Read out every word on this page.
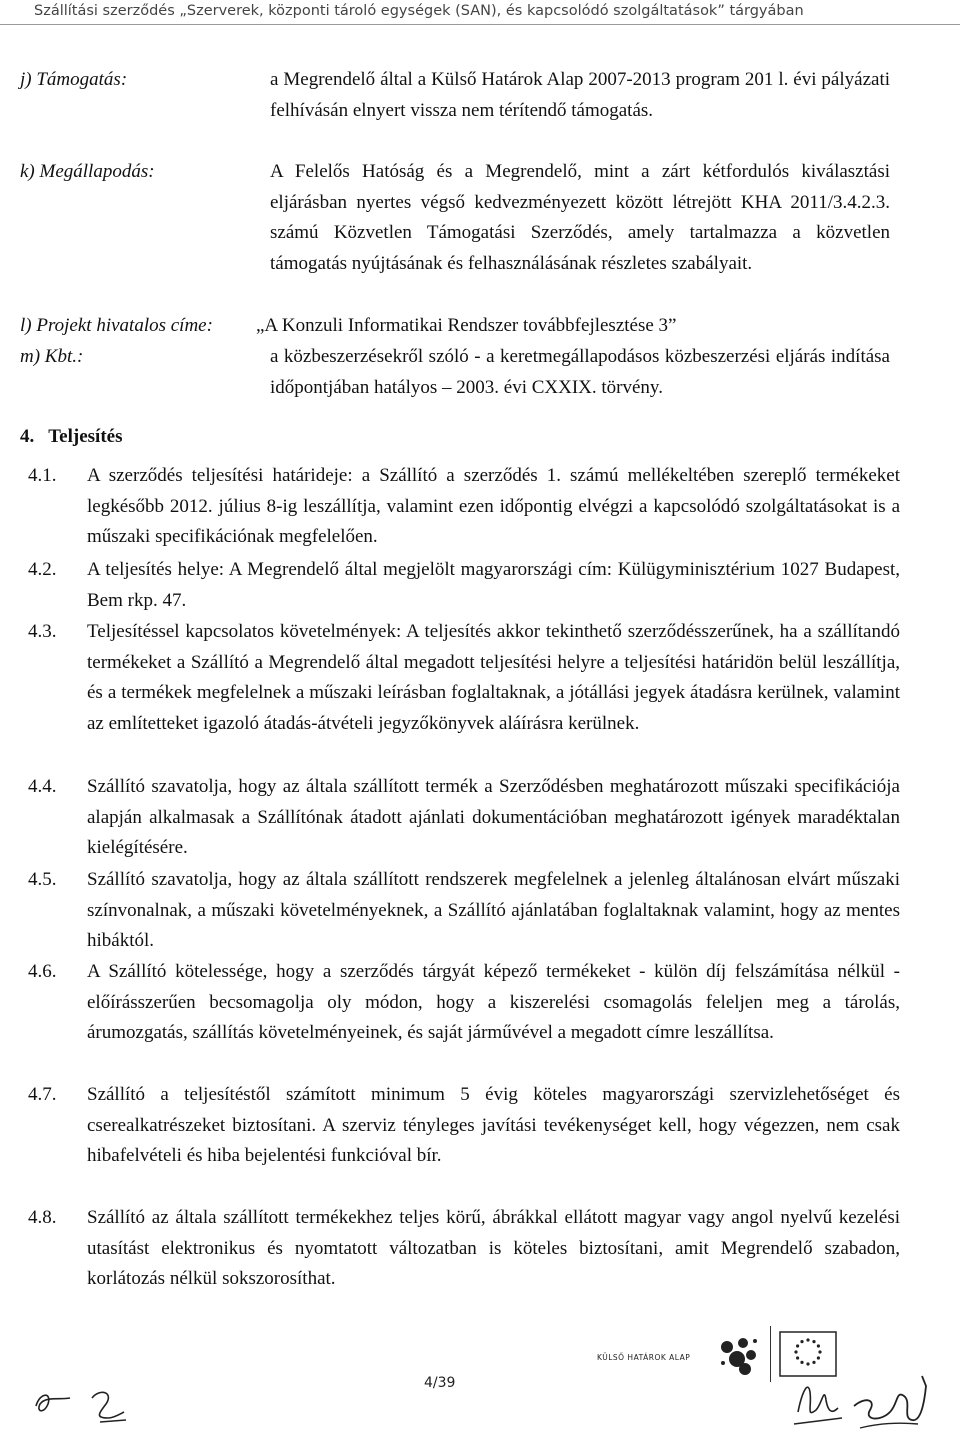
Szállítási szerződés „Szerverek, központi tároló egységek (SAN), és kapcsolódó szolgáltatások” tárgyában
j) Támogatás:	a Megrendelő által a Külső Határok Alap 2007-2013 program 201 l. évi pályázati felhívásán elnyert vissza nem térítendő támogatás.
k) Megállapodás:	A Felelős Hatóság és a Megrendelő, mint a zárt kétfordulós kiválasztási eljárásban nyertes végső kedvezményezett között létrejött KHA 2011/3.4.2.3. számú Közvetlen Támogatási Szerződés, amely tartalmazza a közvetlen támogatás nyújtásának és felhasználásának részletes szabályait.
l) Projekt hivatalos címe: „A Konzuli Informatikai Rendszer továbbfejlesztése 3”
m) Kbt.:	a közbeszerzésekről szóló - a keretmegállapodásos közbeszerzési eljárás indítása időpontjában hatályos – 2003. évi CXXIX. törvény.
4. Teljesítés
4.1. A szerződés teljesítési határideje: a Szállító a szerződés 1. számú mellékeltében szereplő termékeket legkésőbb 2012. július 8-ig leszállítja, valamint ezen időpontig elvégzi a kapcsolódó szolgáltatásokat is a műszaki specifikációnak megfelelően.
4.2. A teljesítés helye: A Megrendelő által megjelölt magyarországi cím: Külügyminisztérium 1027 Budapest, Bem rkp. 47.
4.3. Teljesítéssel kapcsolatos követelmények: A teljesítés akkor tekinthető szerződésszerűnek, ha a szállítandó termékeket a Szállító a Megrendelő által megadott teljesítési helyre a teljesítési határidön belül leszállítja, és a termékek megfelelnek a műszaki leírásban foglaltaknak, a jótállási jegyek átadásra kerülnek, valamint az említetteket igazoló átadás-átvételi jegyzőkönyvek aláírásra kerülnek.
4.4. Szállító szavatolja, hogy az általa szállított termék a Szerződésben meghatározott műszaki specifikációja alapján alkalmasak a Szállítónak átadott ajánlati dokumentációban meghatározott igények maradéktalan kielégítésére.
4.5. Szállító szavatolja, hogy az általa szállított rendszerek megfelelnek a jelenleg általánosan elvárt műszaki színvonalnak, a műszaki követelményeknek, a Szállító ajánlatában foglaltaknak valamint, hogy az mentes hibáktól.
4.6. A Szállító kötelessége, hogy a szerződés tárgyát képező termékeket - külön díj felszámítása nélkül - előírásszerűen becsomagolja oly módon, hogy a kiszerelési csomagolás feleljen meg a tárolás, árumozgatás, szállítás követelményeinek, és saját járművével a megadott címre leszállítsa.
4.7. Szállító a teljesítéstől számított minimum 5 évig köteles magyarországi szervizlehetőséget és cserealkatrészeket biztosítani. A szerviz tényleges javítási tevékenységet kell, hogy végezzen, nem csak hibafelvételi és hiba bejelentési funkcióval bír.
4.8. Szállító az általa szállított termékekhez teljes körű, ábrákkal ellátott magyar vagy angol nyelvű kezelési utasítást elektronikus és nyomtatott változatban is köteles biztosítani, amit Megrendelő szabadon, korlátozás nélkül sokszorosíthat.
4/39
KÜLSŐ HATÁROK ALAP
